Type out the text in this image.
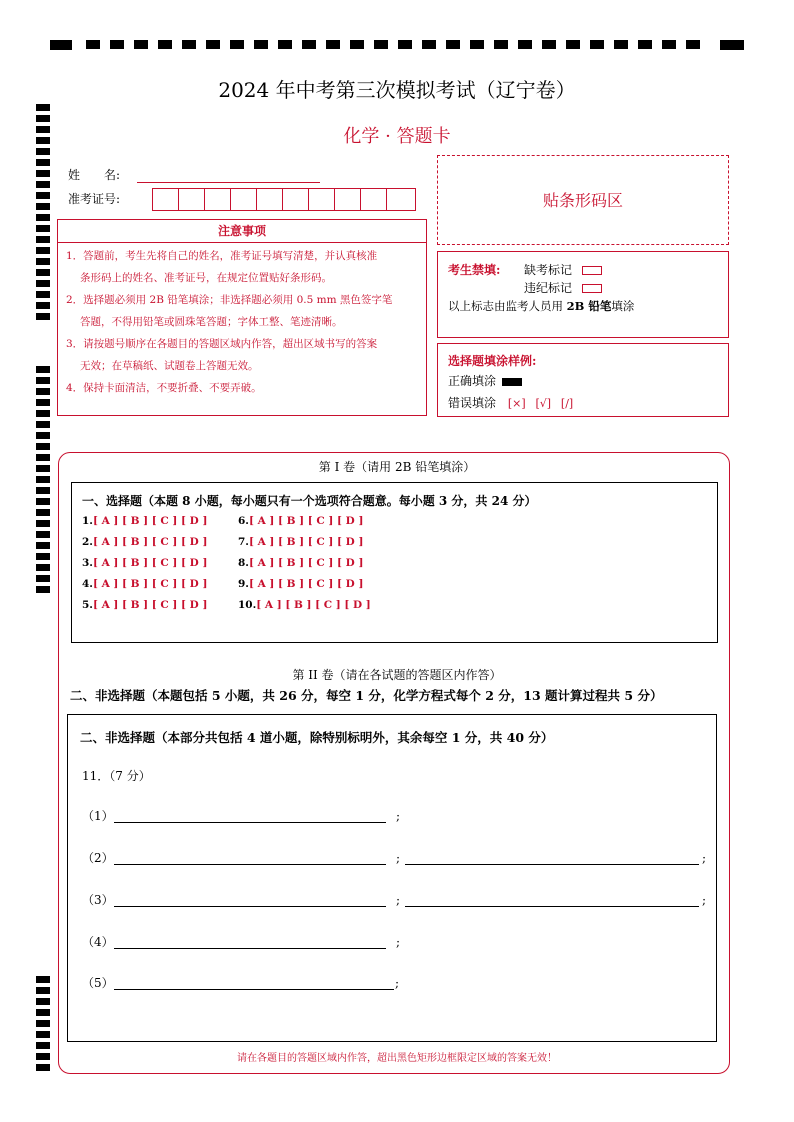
2024 年中考第三次模拟考试（辽宁卷）
化学 · 答题卡
姓　　名:
准考证号:	贴条形码区
注意事项
1．答题前，考生先将自己的姓名，准考证号填写清楚，并认真核准
条形码上的姓名、准考证号，在规定位置贴好条形码。
2．选择题必须用 2B 铅笔填涂；非选择题必须用 0.5 mm 黑色签字笔
答题，不得用铅笔或圆珠笔答题；字体工整、笔迹清晰。
3．请按题号顺序在各题目的答题区域内作答，超出区域书写的答案
无效；在草稿纸、试题卷上答题无效。
4．保持卡面清洁，不要折叠、不要弄破。
考生禁填: 缺考标记
违纪标记
以上标志由监考人员用 2B 铅笔填涂
选择题填涂样例:
正确填涂
错误填涂 [×] [√] [/]
第 I 卷（请用 2B 铅笔填涂）
一、选择题（本题 8 小题，每小题只有一个选项符合题意。每小题 3 分，共 24 分）
1.[ A ] [ B ] [ C ] [ D ]
2.[ A ] [ B ] [ C ] [ D ]
3.[ A ] [ B ] [ C ] [ D ]
4.[ A ] [ B ] [ C ] [ D ]
5.[ A ] [ B ] [ C ] [ D ]
6.[ A ] [ B ] [ C ] [ D ]
7.[ A ] [ B ] [ C ] [ D ]
8.[ A ] [ B ] [ C ] [ D ]
9.[ A ] [ B ] [ C ] [ D ]
10.[ A ] [ B ] [ C ] [ D ]
第 II 卷（请在各试题的答题区内作答）
二、非选择题（本题包括 5 小题，共 26 分，每空 1 分，化学方程式每个 2 分，13 题计算过程共 5 分）
二、非选择题（本部分共包括 4 道小题，除特别标明外，其余每空 1 分，共 40 分）
11．（7 分）
（1）	;
（2）	;	;
（3）	;	;
（4）	;
（5）	;
请在各题目的答题区域内作答，超出黑色矩形边框限定区域的答案无效！
